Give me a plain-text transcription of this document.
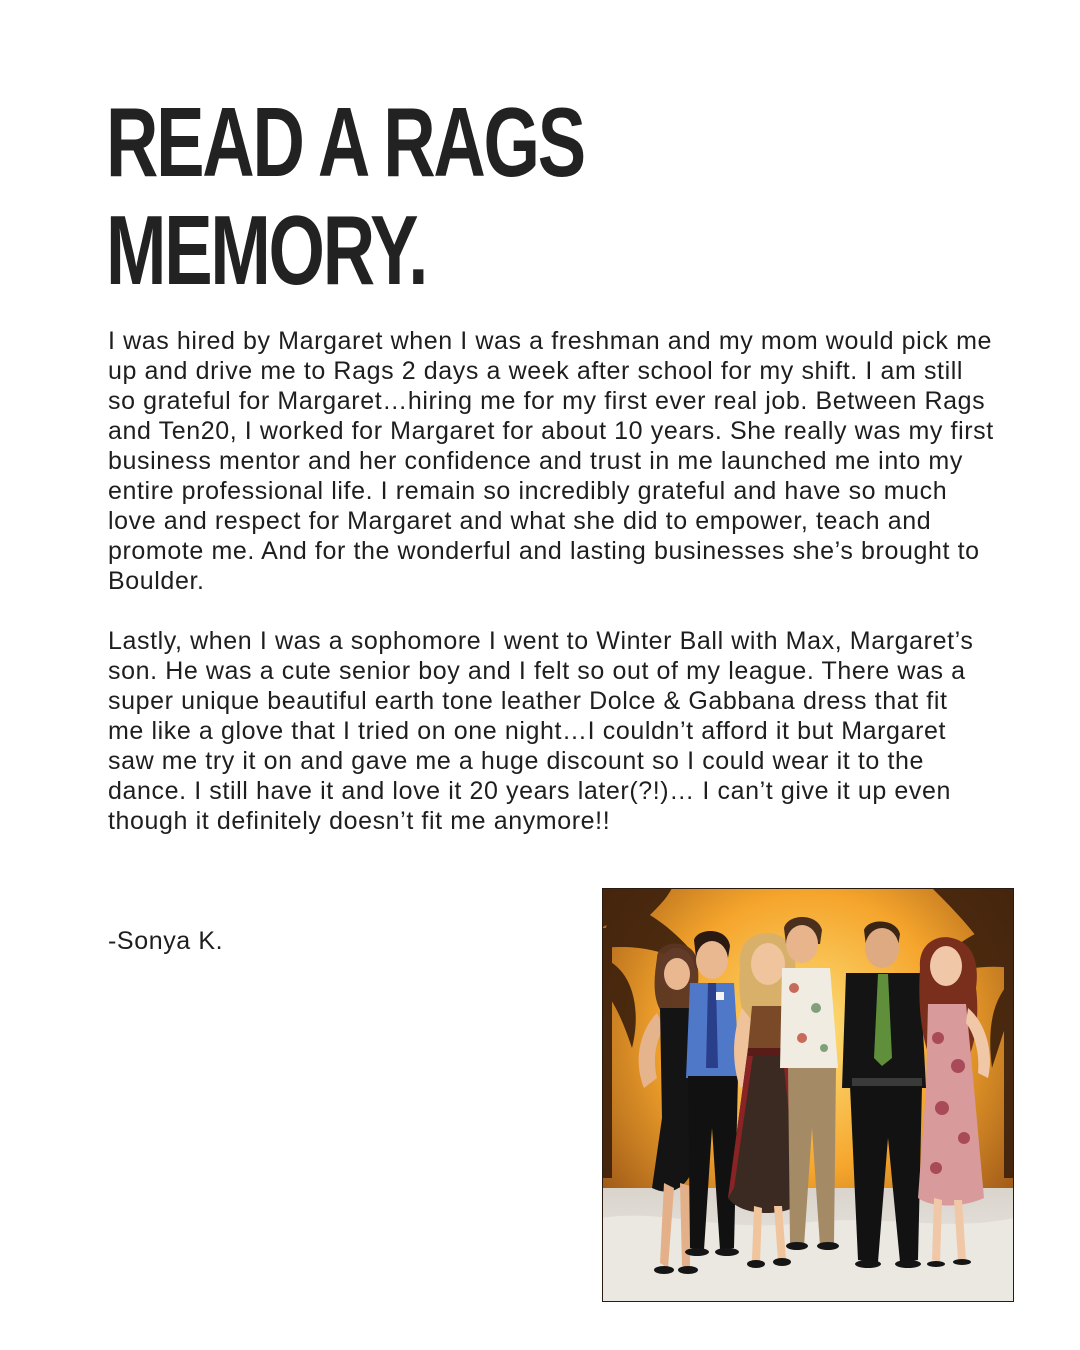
READ A RAGS
MEMORY.

I was hired by Margaret when I was a freshman and my mom would pick me up and drive me to Rags 2 days a week after school for my shift. I am still so grateful for Margaret…hiring me for my first ever real job. Between Rags and Ten20, I worked for Margaret for about 10 years. She really was my first business mentor and her confidence and trust in me launched me into my entire professional life. I remain so incredibly grateful and have so much love and respect for Margaret and what she did to empower, teach and promote me. And for the wonderful and lasting businesses she’s brought to Boulder.

Lastly, when I was a sophomore I went to Winter Ball with Max, Margaret’s son. He was a cute senior boy and I felt so out of my league. There was a super unique beautiful earth tone leather Dolce & Gabbana dress that fit me like a glove that I tried on one night…I couldn’t afford it but Margaret saw me try it on and gave me a huge discount so I could wear it to the dance. I still have it and love it 20 years later(?!)… I can’t give it up even though it definitely doesn’t fit me anymore!!

-Sonya K.
